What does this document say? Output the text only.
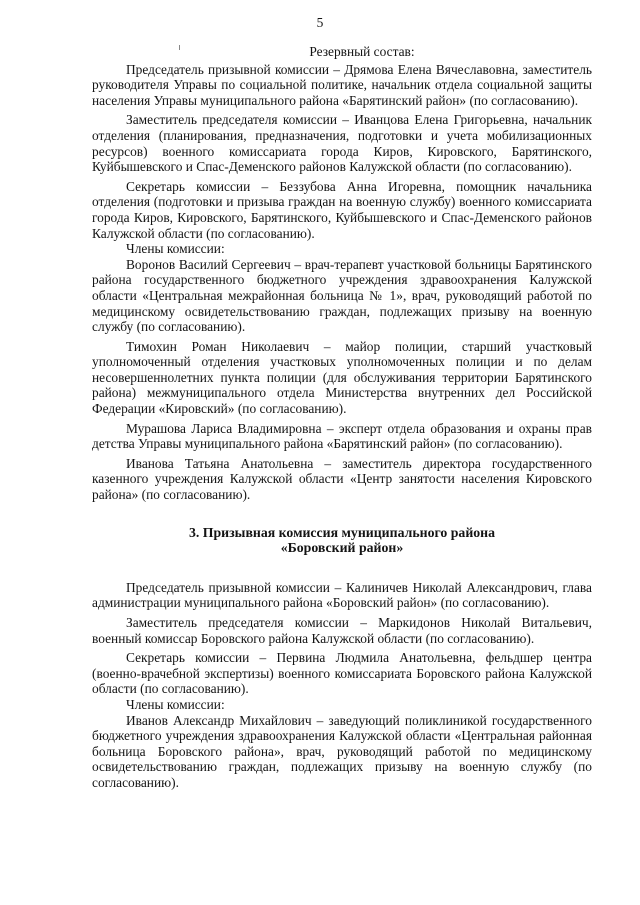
5

Резервный состав:

Председатель призывной комиссии – Дрямова Елена Вячеславовна, заместитель руководителя Управы по социальной политике, начальник отдела социальной защиты населения Управы муниципального района «Барятинский район» (по согласованию).

Заместитель председателя комиссии – Иванцова Елена Григорьевна, начальник отделения (планирования, предназначения, подготовки и учета мобилизационных ресурсов) военного комиссариата города Киров, Кировского, Барятинского, Куйбышевского и Спас-Деменского районов Калужской области (по согласованию).

Секретарь комиссии – Беззубова Анна Игоревна, помощник начальника отделения (подготовки и призыва граждан на военную службу) военного комиссариата города Киров, Кировского, Барятинского, Куйбышевского и Спас-Деменского районов Калужской области (по согласованию).

Члены комиссии:

Воронов Василий Сергеевич – врач-терапевт участковой больницы Барятинского района государственного бюджетного учреждения здравоохранения Калужской области «Центральная межрайонная больница № 1», врач, руководящий работой по медицинскому освидетельствованию граждан, подлежащих призыву на военную службу (по согласованию).

Тимохин Роман Николаевич – майор полиции, старший участковый уполномоченный отделения участковых уполномоченных полиции и по делам несовершеннолетних пункта полиции (для обслуживания территории Барятинского района) межмуниципального отдела Министерства внутренних дел Российской Федерации «Кировский» (по согласованию).

Мурашова Лариса Владимировна – эксперт отдела образования и охраны прав детства Управы муниципального района «Барятинский район» (по согласованию).

Иванова Татьяна Анатольевна – заместитель директора государственного казенного учреждения Калужской области «Центр занятости населения Кировского района» (по согласованию).

3. Призывная комиссия муниципального района
«Боровский район»

Председатель призывной комиссии – Калиничев Николай Александрович, глава администрации муниципального района «Боровский район» (по согласованию).

Заместитель председателя комиссии – Маркидонов Николай Витальевич, военный комиссар Боровского района Калужской области (по согласованию).

Секретарь комиссии – Первина Людмила Анатольевна, фельдшер центра (военно-врачебной экспертизы) военного комиссариата Боровского района Калужской области (по согласованию).

Члены комиссии:

Иванов Александр Михайлович – заведующий поликлиникой государственного бюджетного учреждения здравоохранения Калужской области «Центральная районная больница Боровского района», врач, руководящий работой по медицинскому освидетельствованию граждан, подлежащих призыву на военную службу (по согласованию).
